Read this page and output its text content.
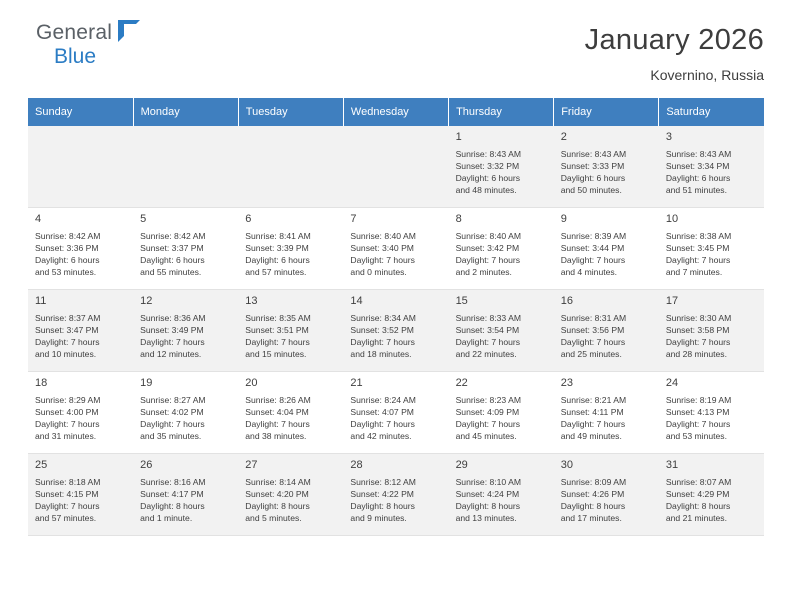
General
Blue
January 2026
Kovernino, Russia
Sunday	Monday	Tuesday	Wednesday	Thursday	Friday	Saturday

				1
Sunrise: 8:43 AM
Sunset: 3:32 PM
Daylight: 6 hours
and 48 minutes.	2
Sunrise: 8:43 AM
Sunset: 3:33 PM
Daylight: 6 hours
and 50 minutes.	3
Sunrise: 8:43 AM
Sunset: 3:34 PM
Daylight: 6 hours
and 51 minutes.

4
Sunrise: 8:42 AM
Sunset: 3:36 PM
Daylight: 6 hours
and 53 minutes.	5
Sunrise: 8:42 AM
Sunset: 3:37 PM
Daylight: 6 hours
and 55 minutes.	6
Sunrise: 8:41 AM
Sunset: 3:39 PM
Daylight: 6 hours
and 57 minutes.	7
Sunrise: 8:40 AM
Sunset: 3:40 PM
Daylight: 7 hours
and 0 minutes.	8
Sunrise: 8:40 AM
Sunset: 3:42 PM
Daylight: 7 hours
and 2 minutes.	9
Sunrise: 8:39 AM
Sunset: 3:44 PM
Daylight: 7 hours
and 4 minutes.	10
Sunrise: 8:38 AM
Sunset: 3:45 PM
Daylight: 7 hours
and 7 minutes.

11
Sunrise: 8:37 AM
Sunset: 3:47 PM
Daylight: 7 hours
and 10 minutes.	12
Sunrise: 8:36 AM
Sunset: 3:49 PM
Daylight: 7 hours
and 12 minutes.	13
Sunrise: 8:35 AM
Sunset: 3:51 PM
Daylight: 7 hours
and 15 minutes.	14
Sunrise: 8:34 AM
Sunset: 3:52 PM
Daylight: 7 hours
and 18 minutes.	15
Sunrise: 8:33 AM
Sunset: 3:54 PM
Daylight: 7 hours
and 22 minutes.	16
Sunrise: 8:31 AM
Sunset: 3:56 PM
Daylight: 7 hours
and 25 minutes.	17
Sunrise: 8:30 AM
Sunset: 3:58 PM
Daylight: 7 hours
and 28 minutes.

18
Sunrise: 8:29 AM
Sunset: 4:00 PM
Daylight: 7 hours
and 31 minutes.	19
Sunrise: 8:27 AM
Sunset: 4:02 PM
Daylight: 7 hours
and 35 minutes.	20
Sunrise: 8:26 AM
Sunset: 4:04 PM
Daylight: 7 hours
and 38 minutes.	21
Sunrise: 8:24 AM
Sunset: 4:07 PM
Daylight: 7 hours
and 42 minutes.	22
Sunrise: 8:23 AM
Sunset: 4:09 PM
Daylight: 7 hours
and 45 minutes.	23
Sunrise: 8:21 AM
Sunset: 4:11 PM
Daylight: 7 hours
and 49 minutes.	24
Sunrise: 8:19 AM
Sunset: 4:13 PM
Daylight: 7 hours
and 53 minutes.

25
Sunrise: 8:18 AM
Sunset: 4:15 PM
Daylight: 7 hours
and 57 minutes.	26
Sunrise: 8:16 AM
Sunset: 4:17 PM
Daylight: 8 hours
and 1 minute.	27
Sunrise: 8:14 AM
Sunset: 4:20 PM
Daylight: 8 hours
and 5 minutes.	28
Sunrise: 8:12 AM
Sunset: 4:22 PM
Daylight: 8 hours
and 9 minutes.	29
Sunrise: 8:10 AM
Sunset: 4:24 PM
Daylight: 8 hours
and 13 minutes.	30
Sunrise: 8:09 AM
Sunset: 4:26 PM
Daylight: 8 hours
and 17 minutes.	31
Sunrise: 8:07 AM
Sunset: 4:29 PM
Daylight: 8 hours
and 21 minutes.
